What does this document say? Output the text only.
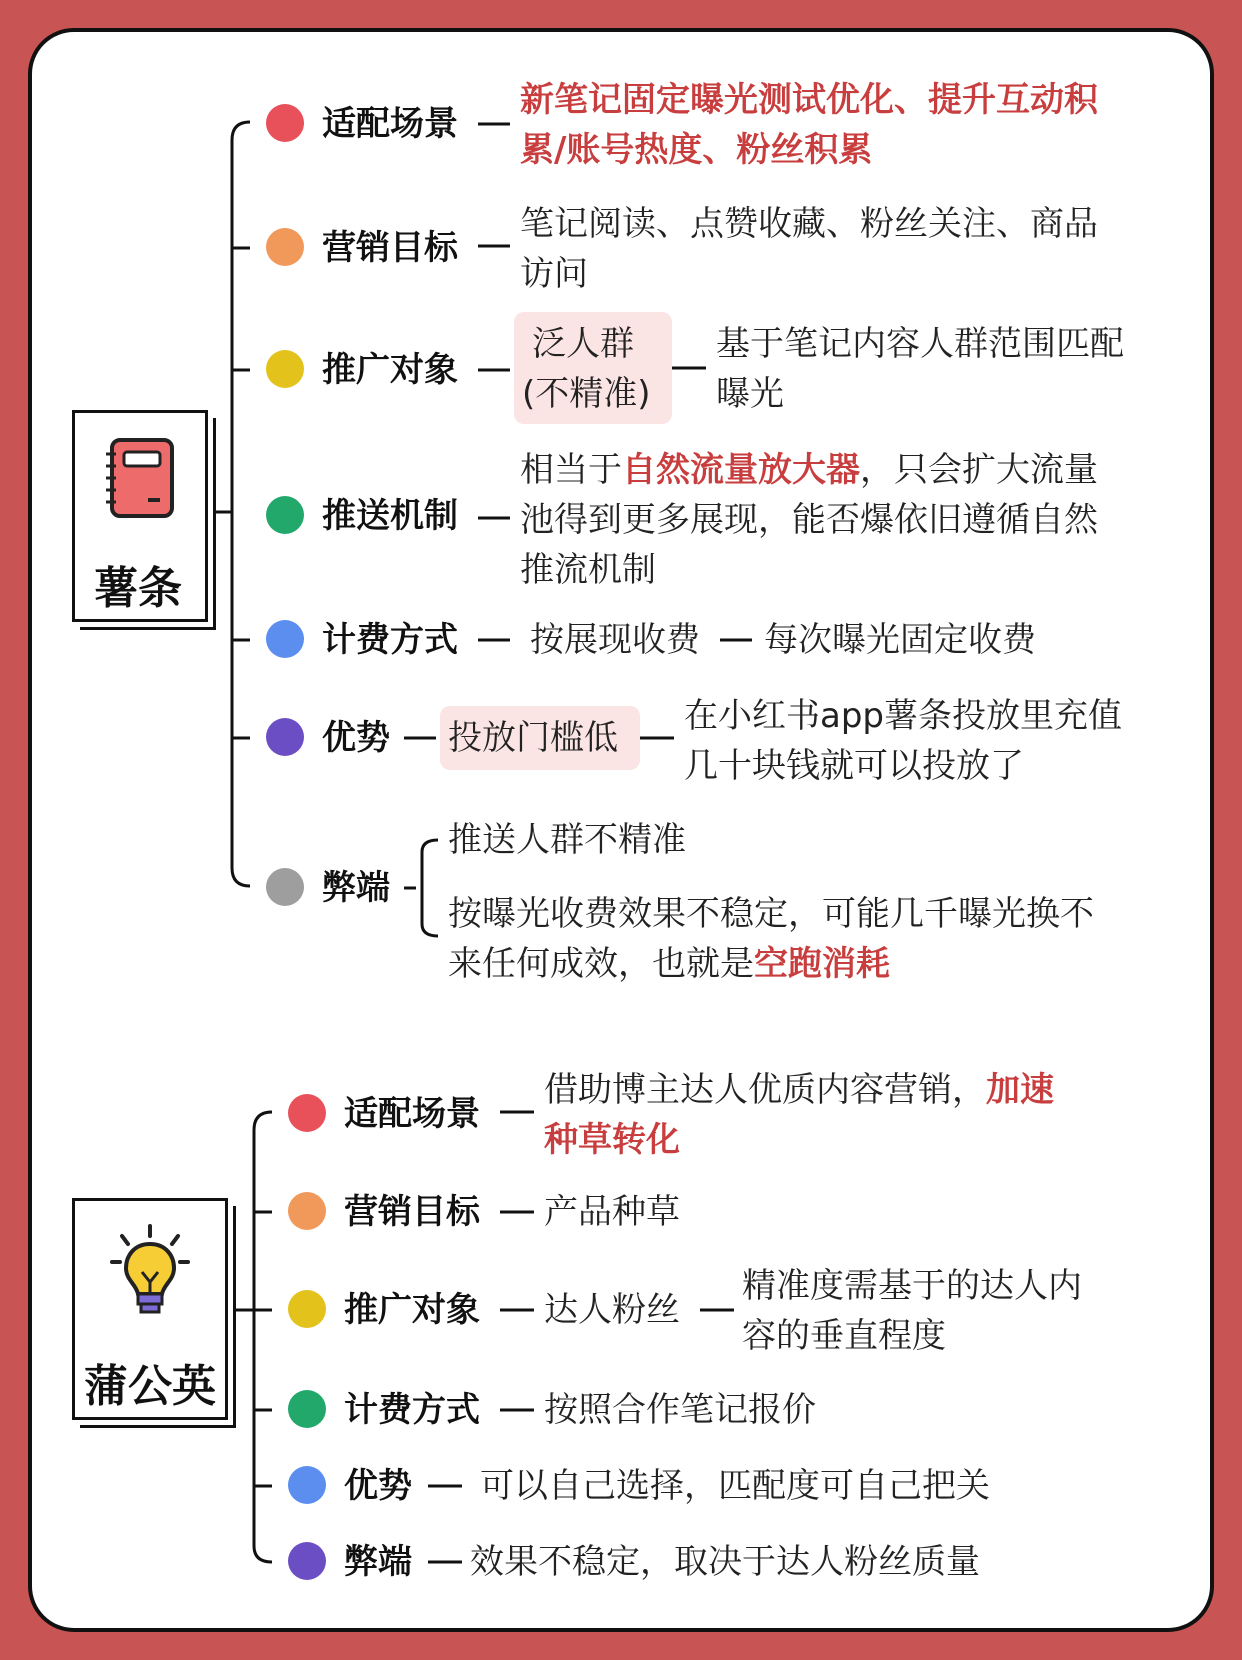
薯条
适配场景
新笔记固定曝光测试优化、提升互动积
累/账号热度、粉丝积累
营销目标
笔记阅读、点赞收藏、粉丝关注、商品
访问
推广对象
泛人群
(不精准)
基于笔记内容人群范围匹配
曝光
推送机制
相当于自然流量放大器，只会扩大流量
池得到更多展现，能否爆依旧遵循自然
推流机制
计费方式 按展现收费 每次曝光固定收费
优势 投放门槛低
在小红书app薯条投放里充值
几十块钱就可以投放了
弊端
推送人群不精准
按曝光收费效果不稳定，可能几千曝光换不
来任何成效，也就是空跑消耗
蒲公英
适配场景
借助博主达人优质内容营销，加速
种草转化
营销目标 产品种草
推广对象 达人粉丝
精准度需基于的达人内
容的垂直程度
计费方式 按照合作笔记报价
优势 可以自己选择，匹配度可自己把关
弊端 效果不稳定，取决于达人粉丝质量
